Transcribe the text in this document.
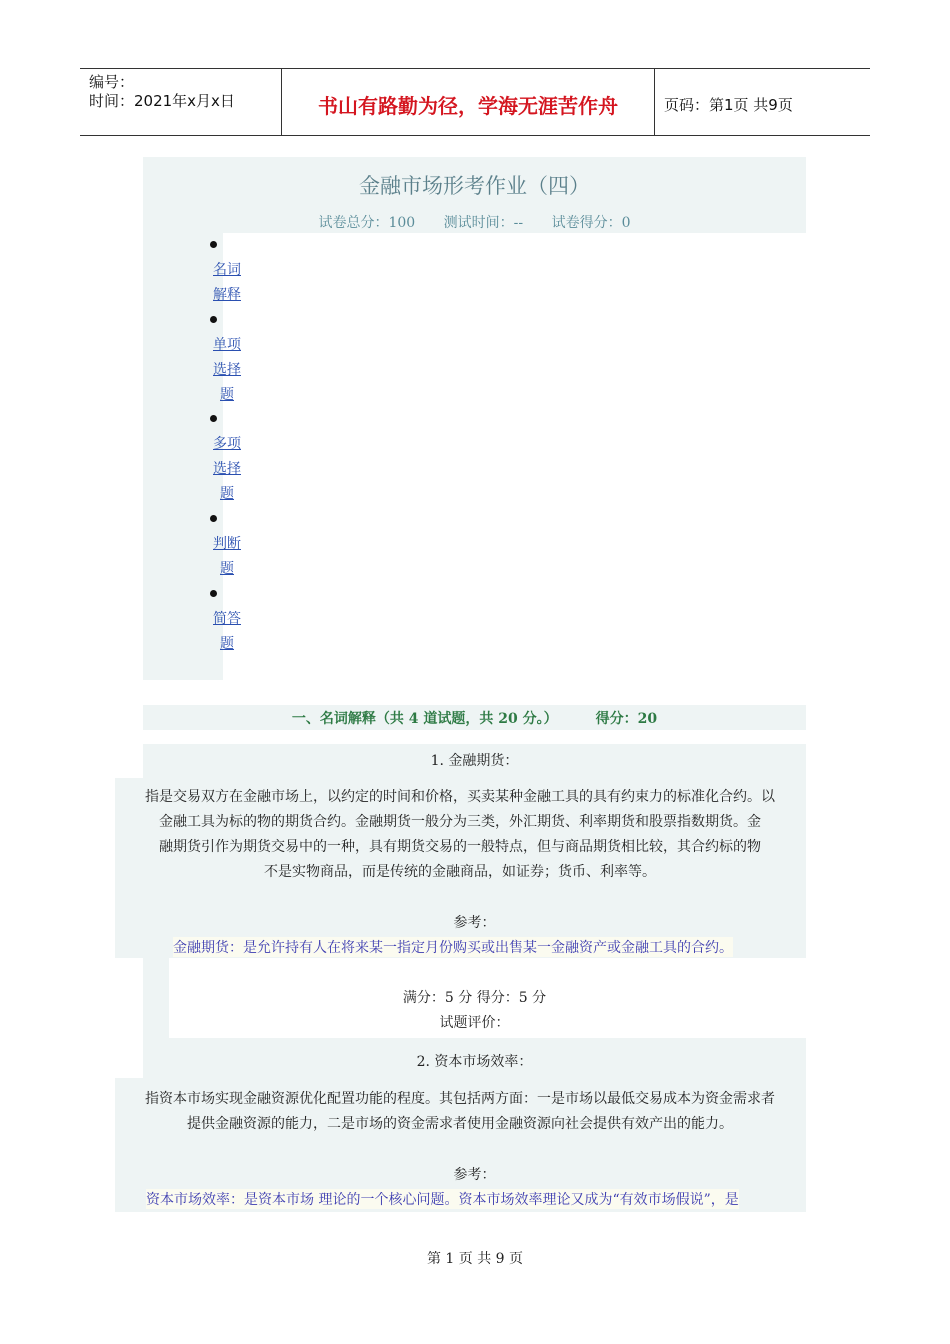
编号：
时间：2021年x月x日	书山有路勤为径，学海无涯苦作舟	页码：第1页 共9页
金融市场形考作业（四）
试卷总分：100 测试时间：-- 试卷得分：0
名词
解释
单项
选择
题
多项
选择
题
判断
题
简答
题
一、名词解释（共 4 道试题，共 20 分。）	得分：20
1. 金融期货：
指是交易双方在金融市场上，以约定的时间和价格，买卖某种金融工具的具有约束力的标准化合约。以
金融工具为标的物的期货合约。金融期货一般分为三类，外汇期货、利率期货和股票指数期货。金
融期货引作为期货交易中的一种，具有期货交易的一般特点，但与商品期货相比较，其合约标的物
不是实物商品，而是传统的金融商品，如证券；货币、利率等。
参考：
金融期货：是允许持有人在将来某一指定月份购买或出售某一金融资产或金融工具的合约。
满分：5 分 得分：5 分
试题评价：
2. 资本市场效率：
指资本市场实现金融资源优化配置功能的程度。其包括两方面：一是市场以最低交易成本为资金需求者
提供金融资源的能力，二是市场的资金需求者使用金融资源向社会提供有效产出的能力。
参考：
资本市场效率：是资本市场 理论的一个核心问题。资本市场效率理论又成为“有效市场假说”，是
第 1 页 共 9 页
